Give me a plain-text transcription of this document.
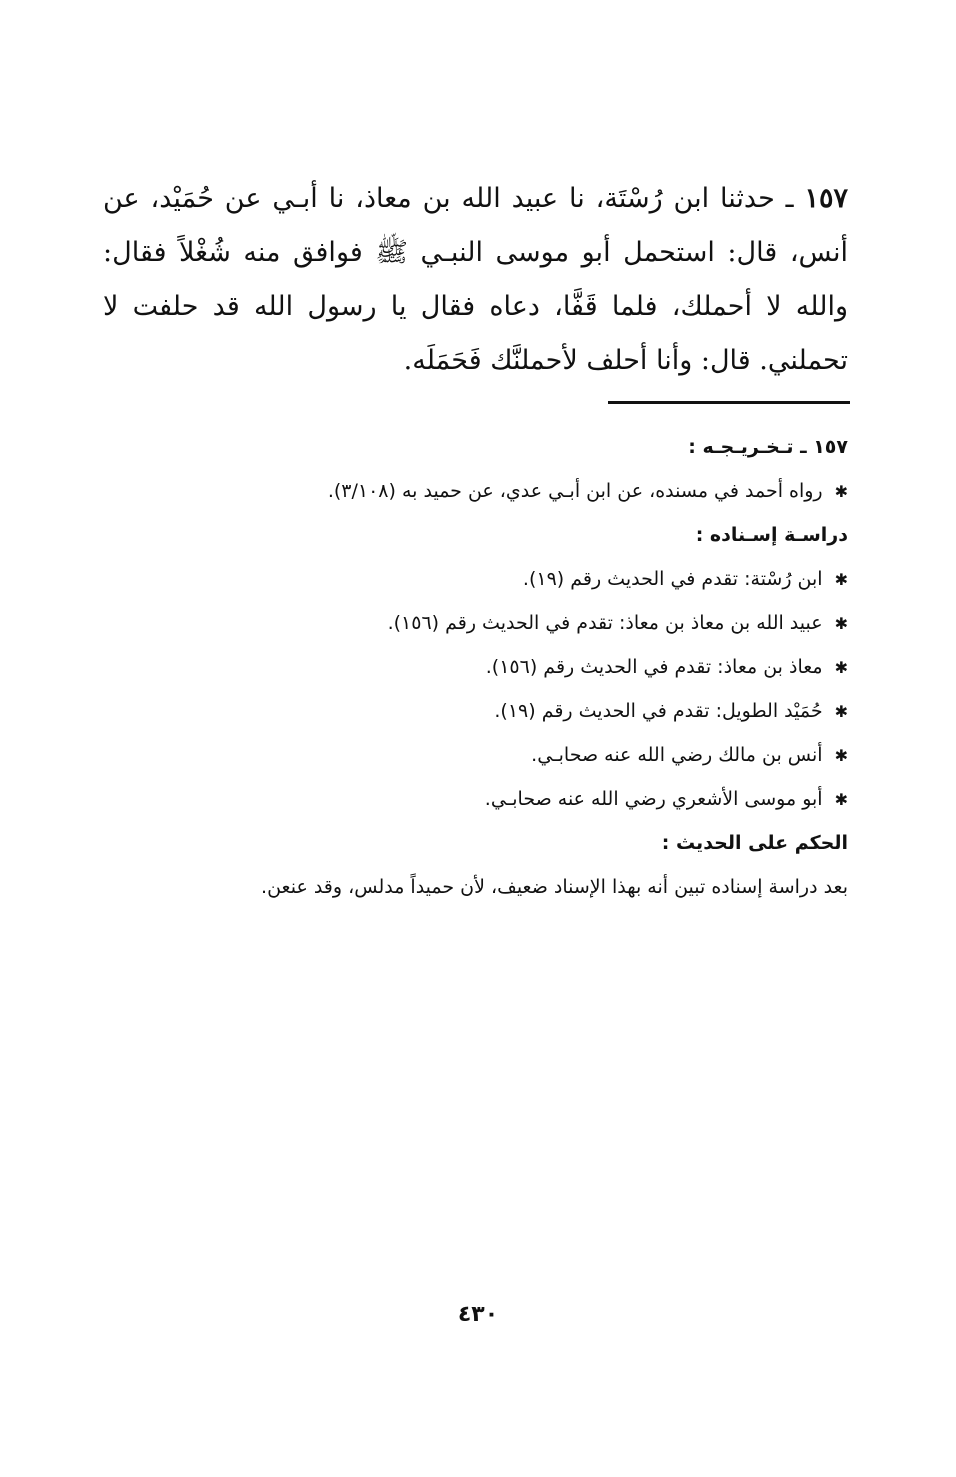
١٥٧ ـ حدثنا ابن رُسْتَة، نا عبيد الله بن معاذ، نا أبـي عن حُمَيْد، عن أنس، قال: استحمل أبو موسى النبـي ﷺ فوافق منه شُغْلاً فقال: والله لا أحملك، فلما قَفَّا، دعاه فقال يا رسول الله قد حلفت لا تحملني. قال: وأنا أحلف لأحملنَّك فَحَمَلَه.

١٥٧ ـ تـخـريـجـه :
✱رواه أحمد في مسنده، عن ابن أبـي عدي، عن حميد به (٣/١٠٨).
دراسـة إسـناده :
✱ابن رُسْتة: تقدم في الحديث رقم (١٩).
✱عبيد الله بن معاذ بن معاذ: تقدم في الحديث رقم (١٥٦).
✱معاذ بن معاذ: تقدم في الحديث رقم (١٥٦).
✱حُمَيْد الطويل: تقدم في الحديث رقم (١٩).
✱أنس بن مالك رضي الله عنه صحابـي.
✱أبو موسى الأشعري رضي الله عنه صحابـي.
الحكم على الحديث :
بعد دراسة إسناده تبين أنه بهذا الإسناد ضعيف، لأن حميداً مدلس، وقد عنعن.
٤٣٠
